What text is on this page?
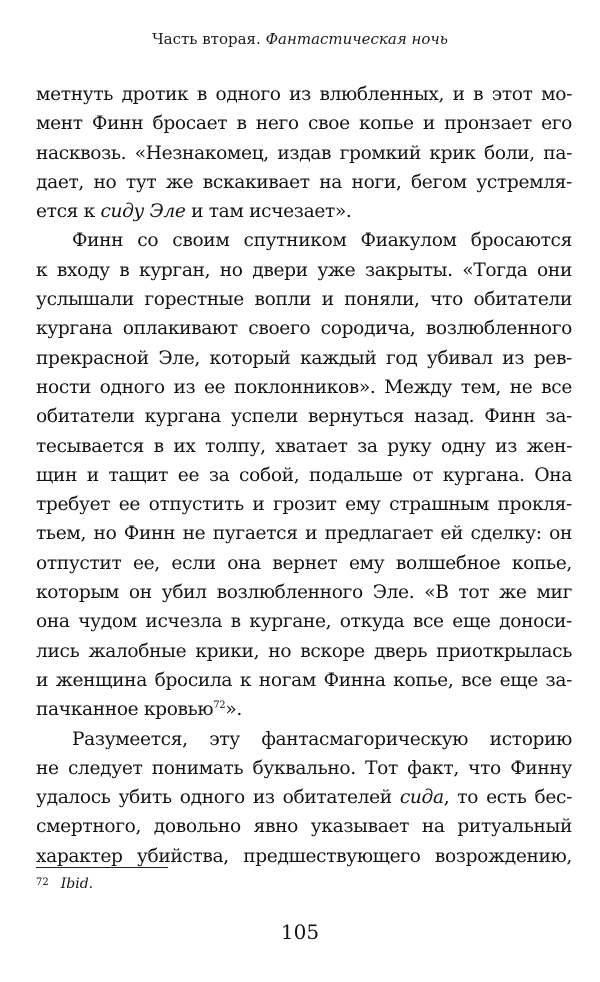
Часть вторая. Фантастическая ночь
метнуть дротик в одного из влюбленных, и в этот мо-
мент Финн бросает в него свое копье и пронзает его
насквозь. «Незнакомец, издав громкий крик боли, па-
дает, но тут же вскакивает на ноги, бегом устремля-
ется к сиду Эле и там исчезает».
Финн со своим спутником Фиакулом бросаются
к входу в курган, но двери уже закрыты. «Тогда они
услышали горестные вопли и поняли, что обитатели
кургана оплакивают своего сородича, возлюбленного
прекрасной Эле, который каждый год убивал из рев-
ности одного из ее поклонников». Между тем, не все
обитатели кургана успели вернуться назад. Финн за-
тесывается в их толпу, хватает за руку одну из жен-
щин и тащит ее за собой, подальше от кургана. Она
требует ее отпустить и грозит ему страшным прокля-
тьем, но Финн не пугается и предлагает ей сделку: он
отпустит ее, если она вернет ему волшебное копье,
которым он убил возлюбленного Эле. «В тот же миг
она чудом исчезла в кургане, откуда все еще доноси-
лись жалобные крики, но вскоре дверь приоткрылась
и женщина бросила к ногам Финна копье, все еще за-
пачканное кровью$^{72}$».
Разумеется, эту фантасмагорическую историю
не следует понимать буквально. Тот факт, что Финну
удалось убить одного из обитателей сида, то есть бес-
смертного, довольно явно указывает на ритуальный
характер убийства, предшествующего возрождению,
$^{72}$ Ibid.
105
